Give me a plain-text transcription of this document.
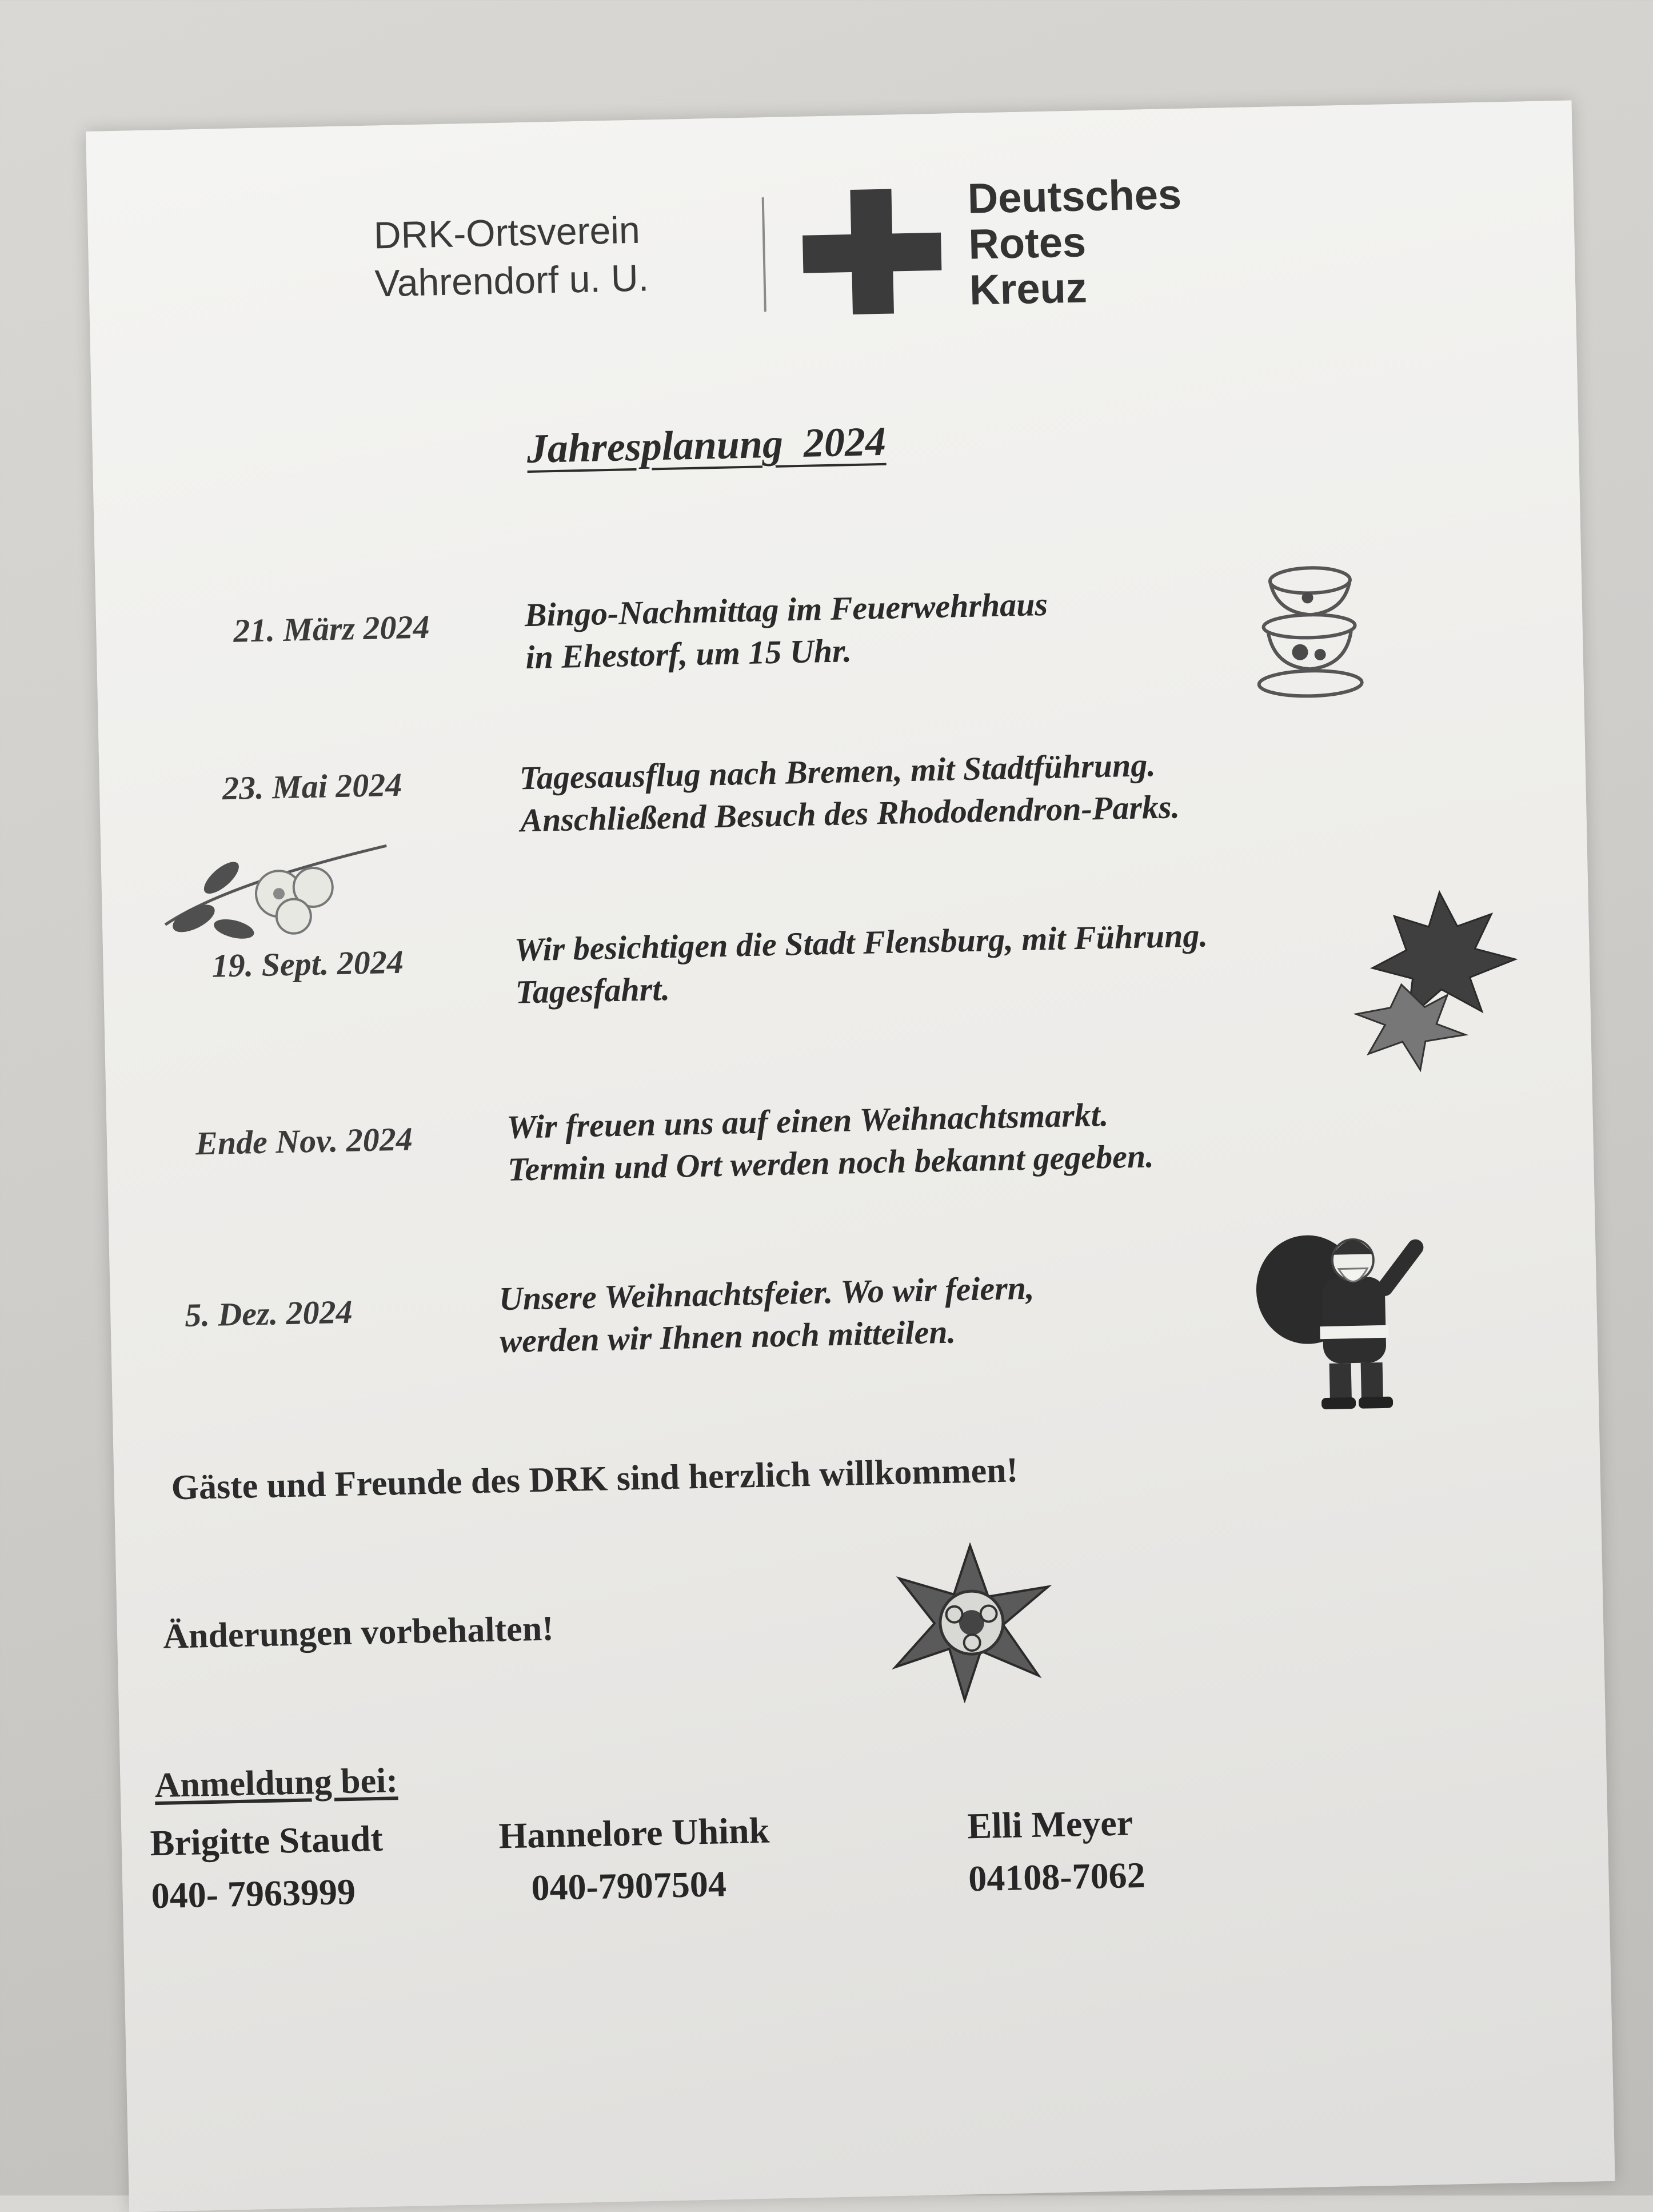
DRK-Ortsverein
Vahrendorf u. U.
Deutsches
Rotes
Kreuz
Jahresplanung  2024
21. März 2024	Bingo-Nachmittag im Feuerwehrhaus
in Ehestorf, um 15 Uhr.
23. Mai 2024	Tagesausflug nach Bremen, mit Stadtführung.
Anschließend Besuch des Rhododendron-Parks.
19. Sept. 2024	Wir besichtigen die Stadt Flensburg, mit Führung.
Tagesfahrt.
Ende Nov. 2024	Wir freuen uns auf einen Weihnachtsmarkt.
Termin und Ort werden noch bekannt gegeben.
5. Dez. 2024	Unsere Weihnachtsfeier. Wo wir feiern,
werden wir Ihnen noch mitteilen.
Gäste und Freunde des DRK sind herzlich willkommen!
Änderungen vorbehalten!
Anmeldung bei:
Brigitte Staudt
040- 7963999
Hannelore Uhink
040-7907504
Elli Meyer
04108-7062
